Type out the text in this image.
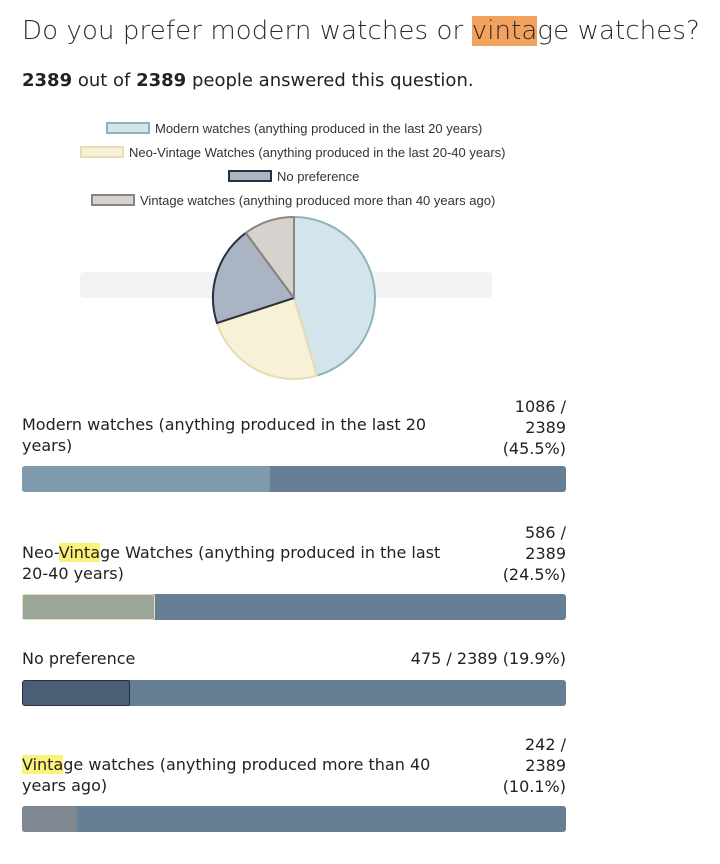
Do you prefer modern watches or vintage watches?
2389 out of 2389 people answered this question.
Modern watches (anything produced in the last 20 years)
Neo-Vintage Watches (anything produced in the last 20-40 years)
No preference
Vintage watches (anything produced more than 40 years ago)
Modern watches (anything produced in the last 20
years)
1086 /
2389
(45.5%)
Neo-Vintage Watches (anything produced in the last
20-40 years)
586 /
2389
(24.5%)
No preference	475 / 2389 (19.9%)
Vintage watches (anything produced more than 40
years ago)
242 /
2389
(10.1%)
